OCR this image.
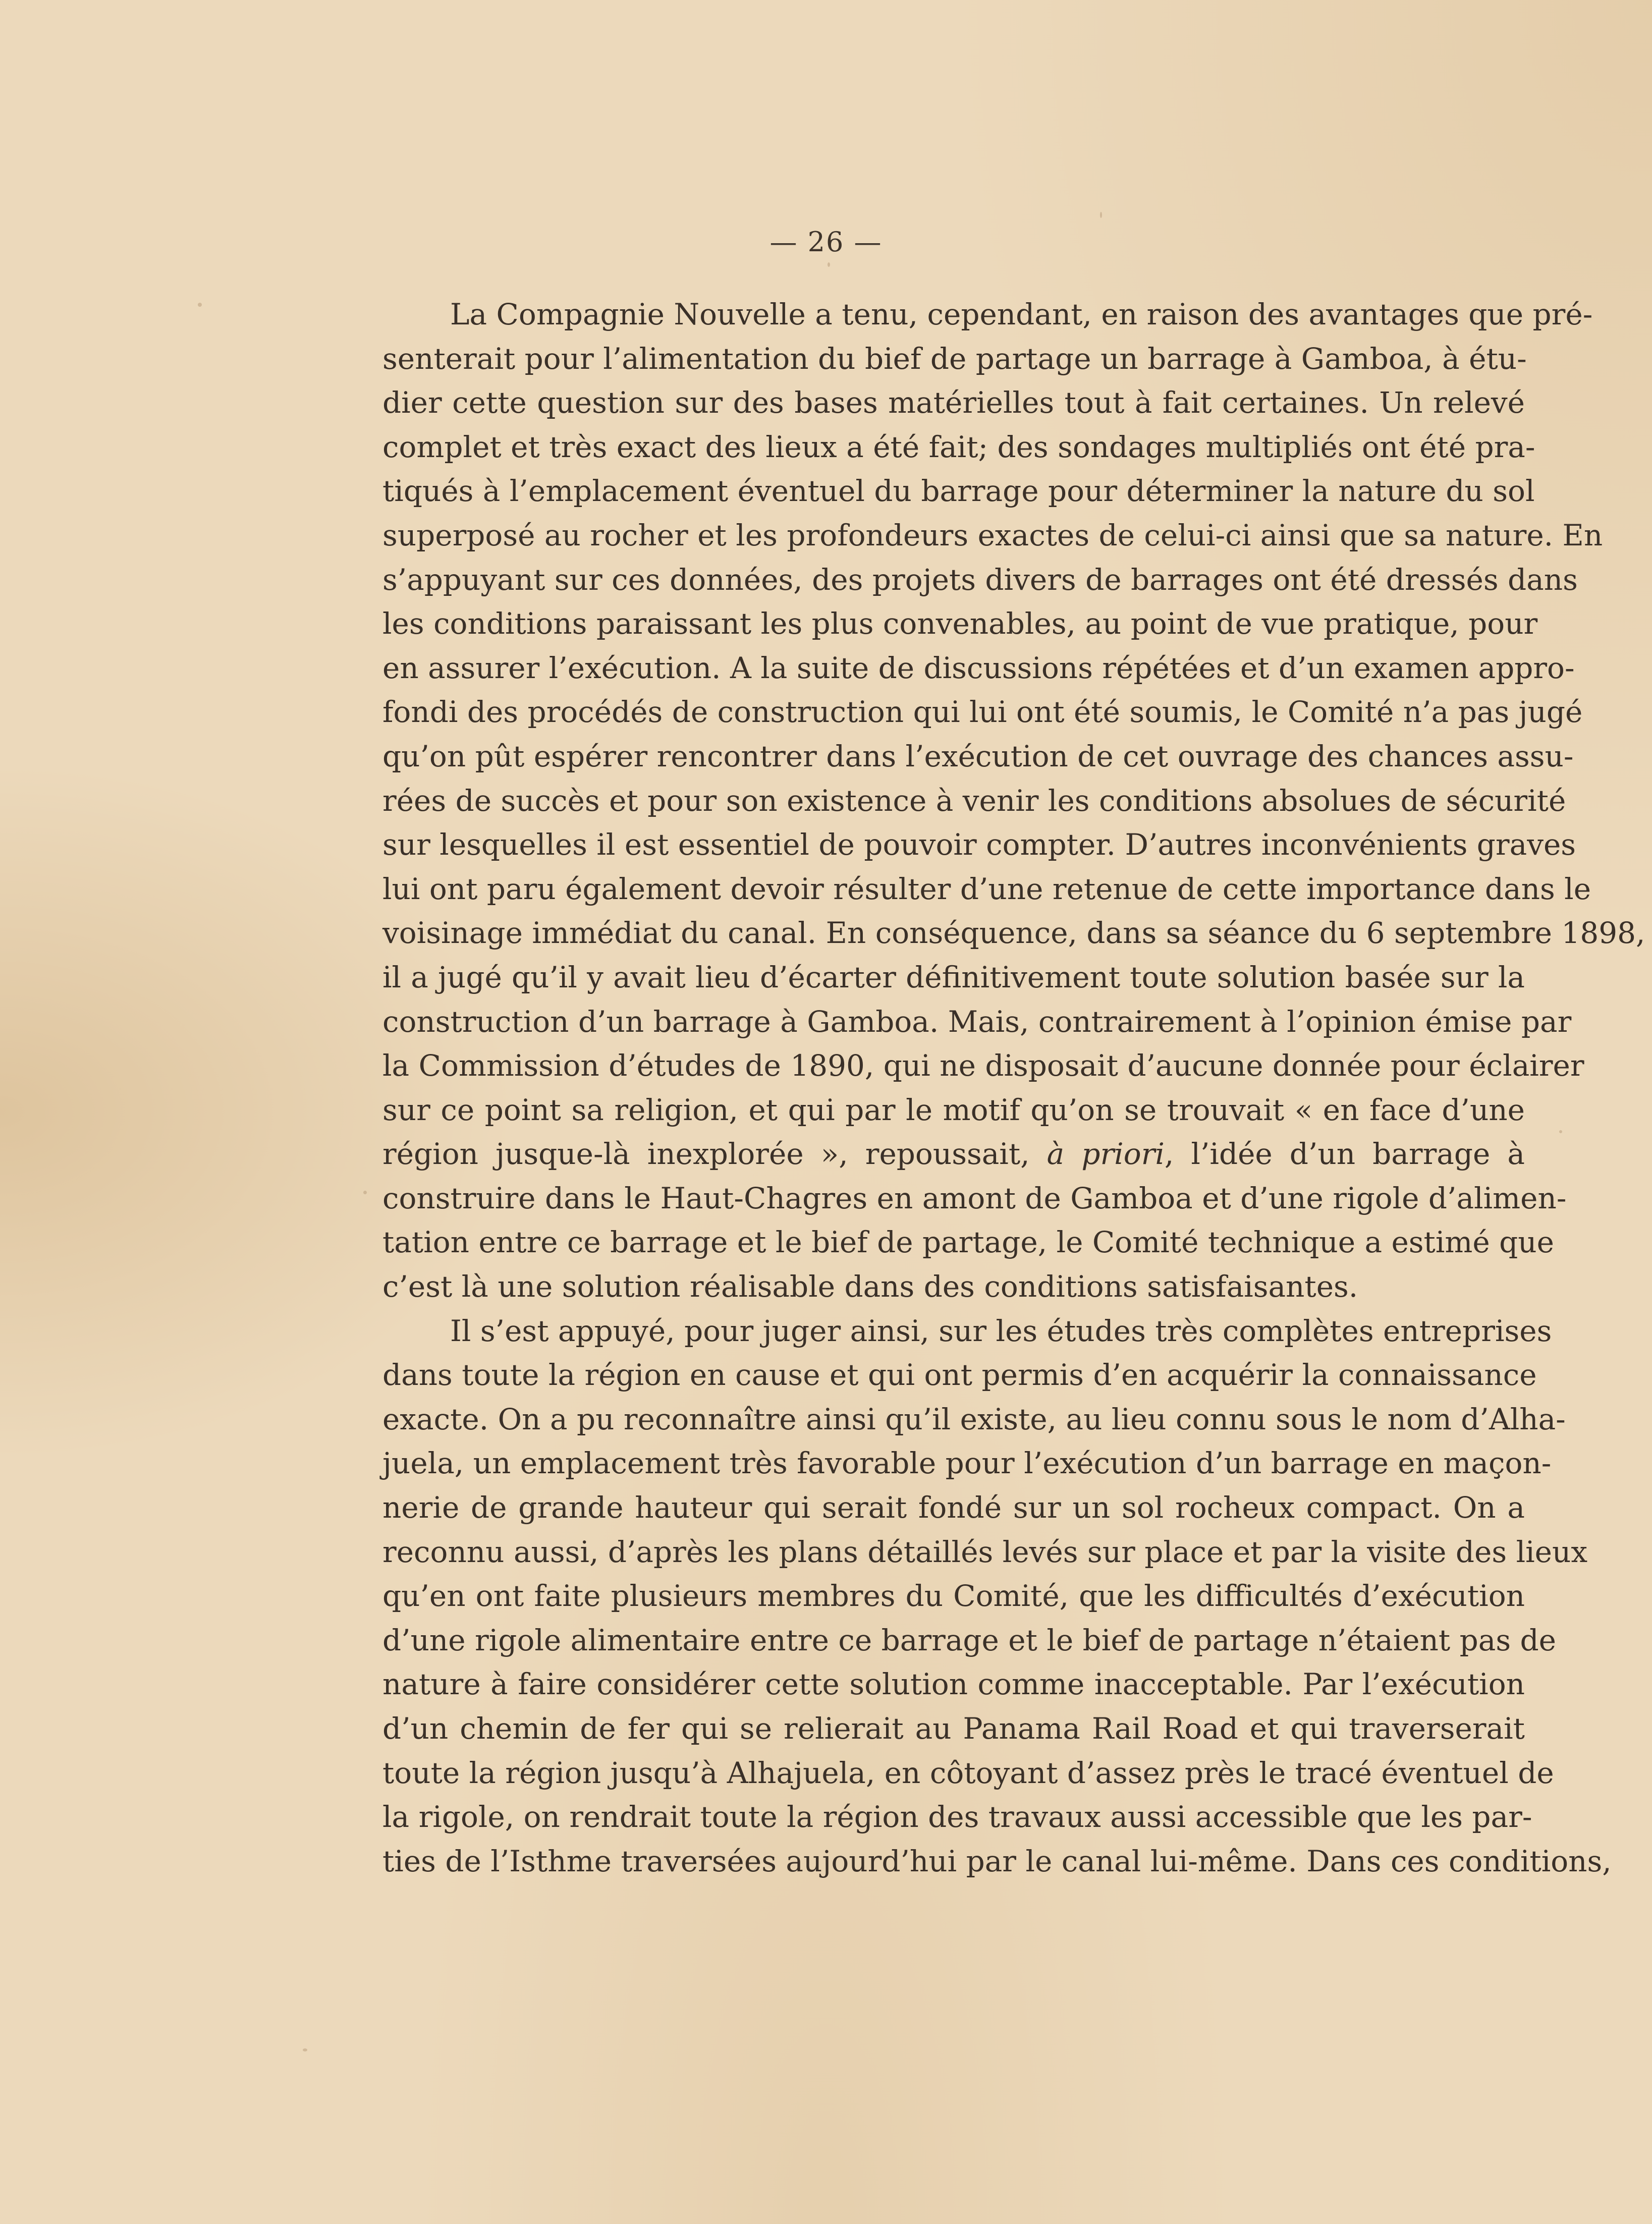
— 26 —
La Compagnie Nouvelle a tenu, cependant, en raison des avantages que pré-
senterait pour l’alimentation du bief de partage un barrage à Gamboa, à étu-
dier cette question sur des bases matérielles tout à fait certaines. Un relevé
complet et très exact des lieux a été fait; des sondages multipliés ont été pra-
tiqués à l’emplacement éventuel du barrage pour déterminer la nature du sol
superposé au rocher et les profondeurs exactes de celui-ci ainsi que sa nature. En
s’appuyant sur ces données, des projets divers de barrages ont été dressés dans
les conditions paraissant les plus convenables, au point de vue pratique, pour
en assurer l’exécution. A la suite de discussions répétées et d’un examen appro-
fondi des procédés de construction qui lui ont été soumis, le Comité n’a pas jugé
qu’on pût espérer rencontrer dans l’exécution de cet ouvrage des chances assu-
rées de succès et pour son existence à venir les conditions absolues de sécurité
sur lesquelles il est essentiel de pouvoir compter. D’autres inconvénients graves
lui ont paru également devoir résulter d’une retenue de cette importance dans le
voisinage immédiat du canal. En conséquence, dans sa séance du 6 septembre 1898,
il a jugé qu’il y avait lieu d’écarter définitivement toute solution basée sur la
construction d’un barrage à Gamboa. Mais, contrairement à l’opinion émise par
la Commission d’études de 1890, qui ne disposait d’aucune donnée pour éclairer
sur ce point sa religion, et qui par le motif qu’on se trouvait « en face d’une
région jusque-là inexplorée », repoussait, à priori, l’idée d’un barrage à
construire dans le Haut-Chagres en amont de Gamboa et d’une rigole d’alimen-
tation entre ce barrage et le bief de partage, le Comité technique a estimé que
c’est là une solution réalisable dans des conditions satisfaisantes.
Il s’est appuyé, pour juger ainsi, sur les études très complètes entreprises
dans toute la région en cause et qui ont permis d’en acquérir la connaissance
exacte. On a pu reconnaître ainsi qu’il existe, au lieu connu sous le nom d’Alha-
juela, un emplacement très favorable pour l’exécution d’un barrage en maçon-
nerie de grande hauteur qui serait fondé sur un sol rocheux compact. On a
reconnu aussi, d’après les plans détaillés levés sur place et par la visite des lieux
qu’en ont faite plusieurs membres du Comité, que les difficultés d’exécution
d’une rigole alimentaire entre ce barrage et le bief de partage n’étaient pas de
nature à faire considérer cette solution comme inacceptable. Par l’exécution
d’un chemin de fer qui se relierait au Panama Rail Road et qui traverserait
toute la région jusqu’à Alhajuela, en côtoyant d’assez près le tracé éventuel de
la rigole, on rendrait toute la région des travaux aussi accessible que les par-
ties de l’Isthme traversées aujourd’hui par le canal lui-même. Dans ces conditions,
